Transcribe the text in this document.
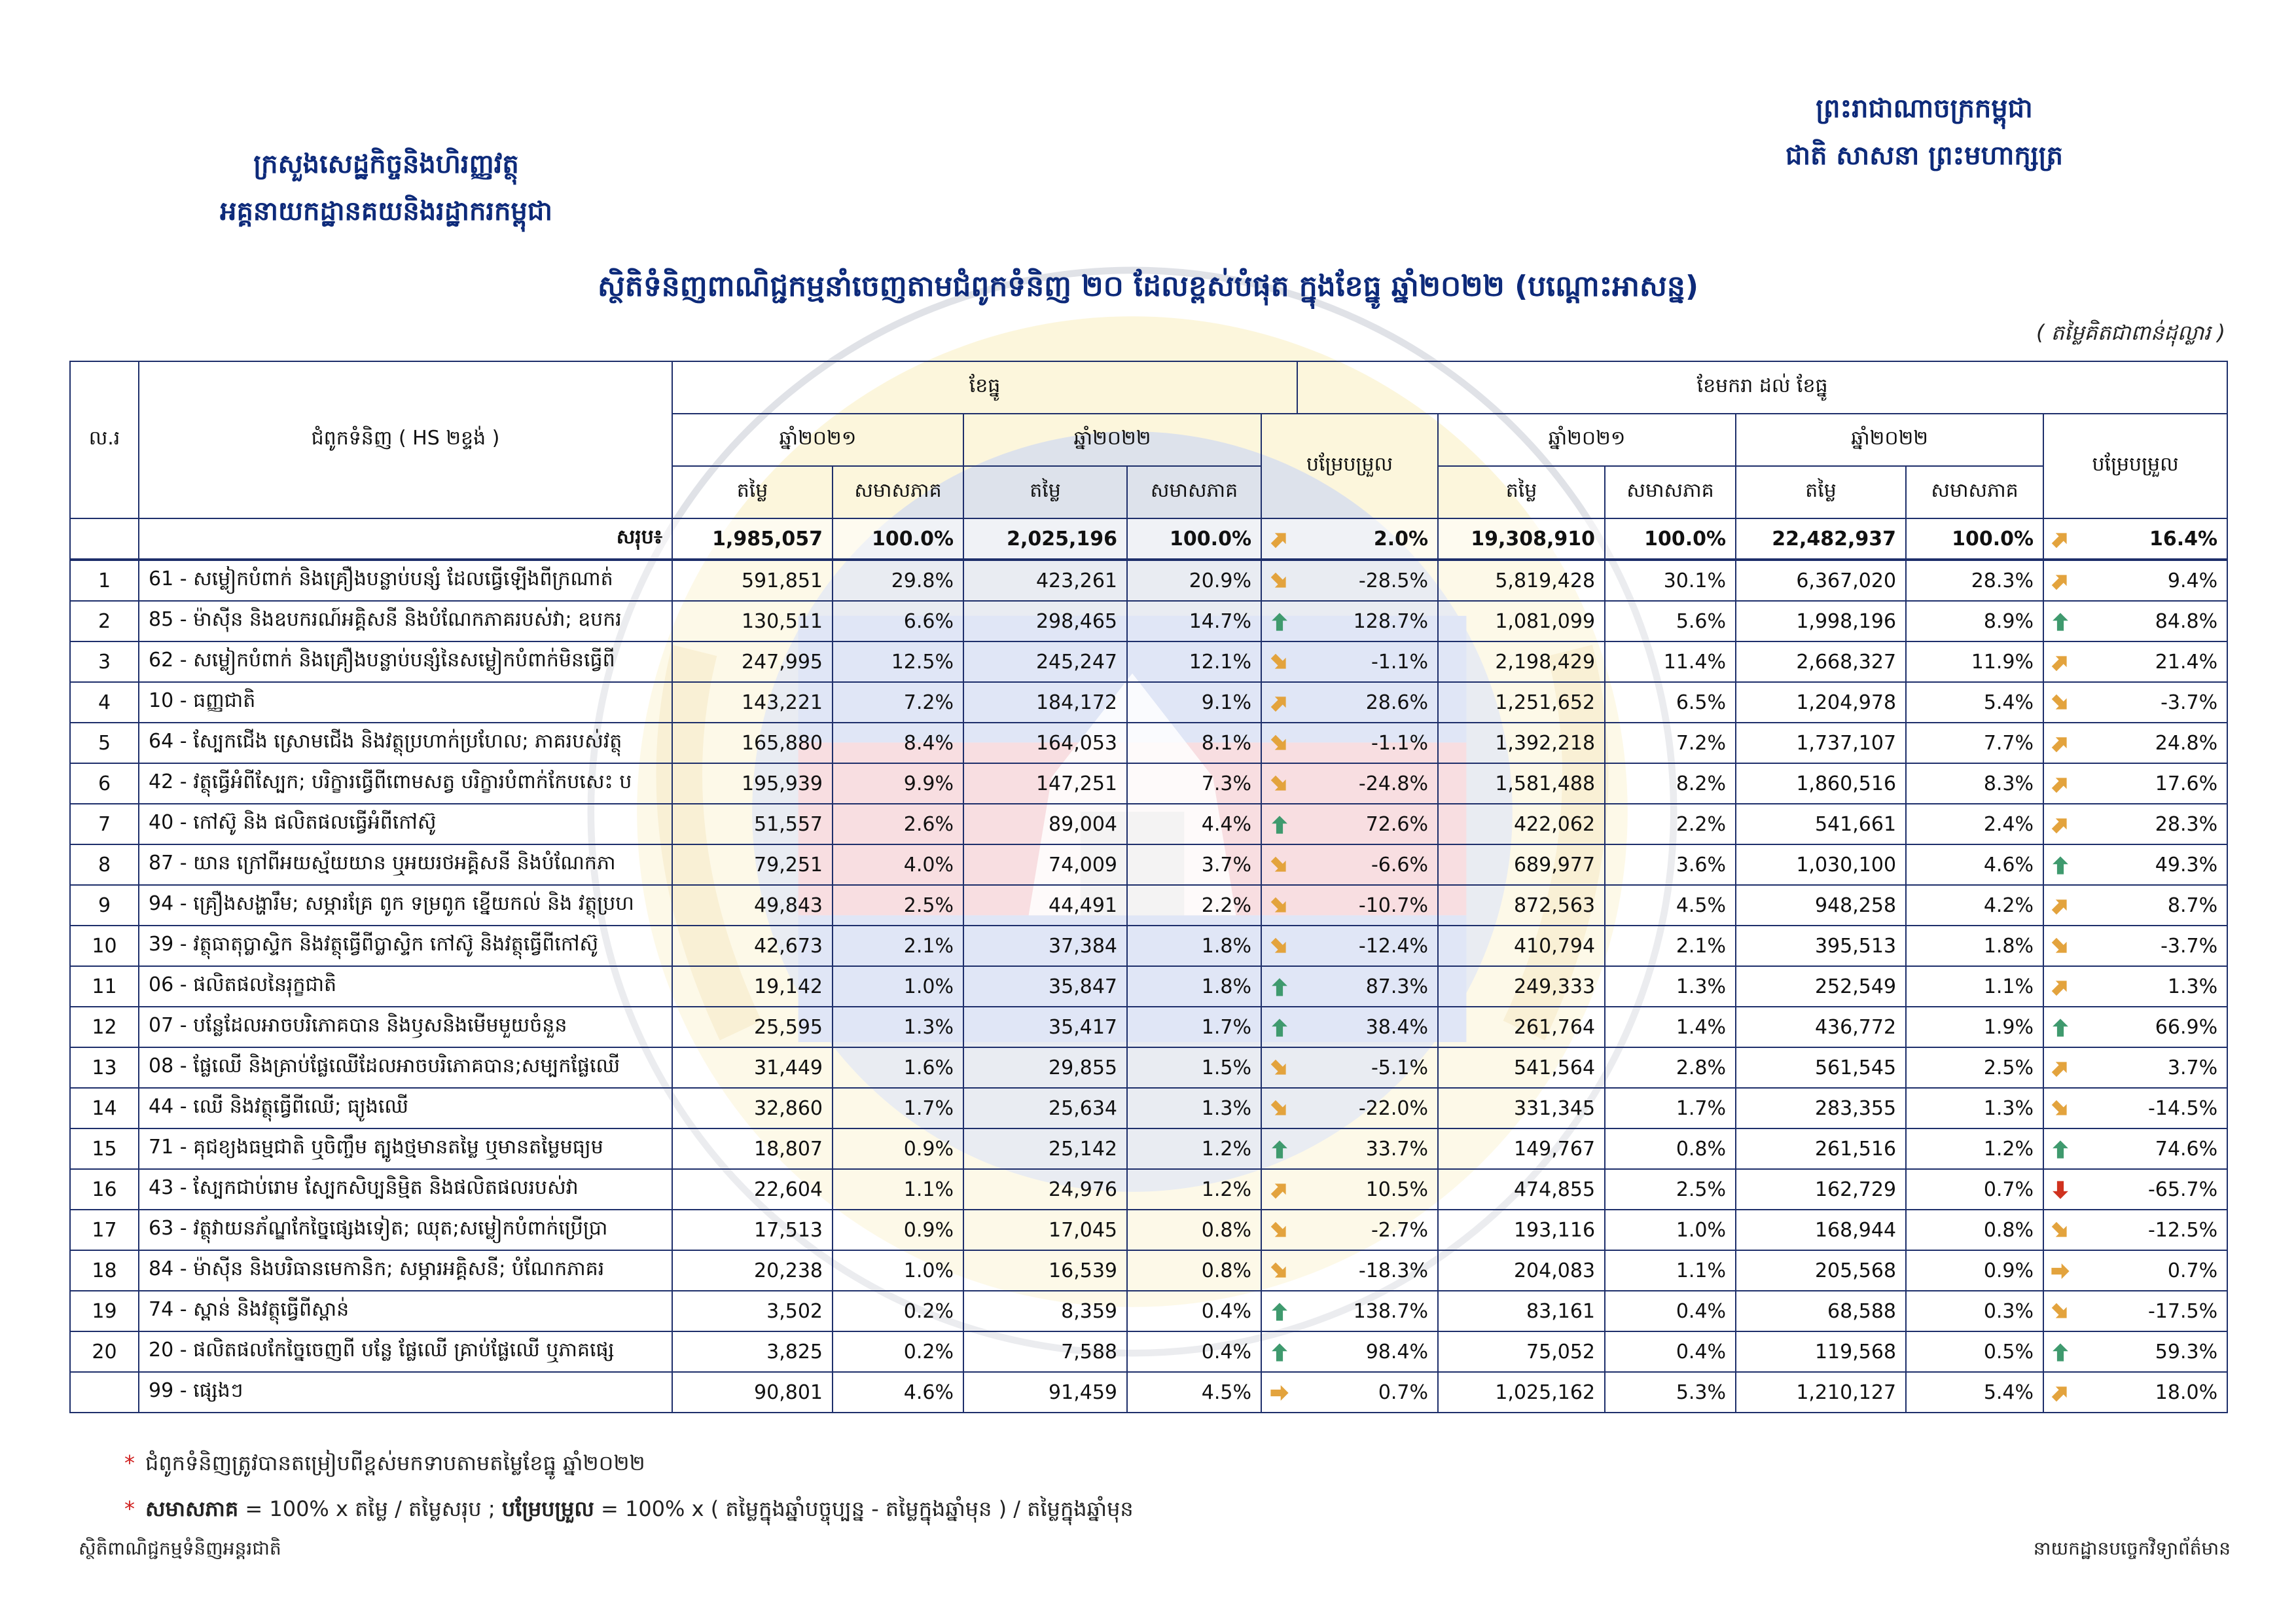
ក្រសួងសេដ្ឋកិច្ចនិងហិរញ្ញវត្ថុ
អគ្គនាយកដ្ឋានគយនិងរដ្ឋាករកម្ពុជា
ព្រះរាជាណាចក្រកម្ពុជា
ជាតិ សាសនា ព្រះមហាក្សត្រ
ស្ថិតិទំនិញពាណិជ្ជកម្មនាំចេញតាមជំពូកទំនិញ ២០ ដែលខ្ពស់បំផុត ក្នុងខែធ្នូ ឆ្នាំ២០២២ (បណ្ដោះអាសន្ន)
( តម្លៃគិតជាពាន់ដុល្លារ )
ល.រ	ជំពូកទំនិញ ( HS ២ខ្ទង់ )	ខែធ្នូ					ខែមករា ដល់ ខែធ្នូ						
		ឆ្នាំ២០២១		ឆ្នាំ២០២២		បម្រែបម្រួល		ឆ្នាំ២០២១		ឆ្នាំ២០២២		បម្រែបម្រួល	
		តម្លៃ	សមាសភាគ	តម្លៃ	សមាសភាគ			តម្លៃ	សមាសភាគ	តម្លៃ	សមាសភាគ		
	សរុប៖	1,985,057	100.0%	2,025,196	100.0%		2.0%	19,308,910	100.0%	22,482,937	100.0%		16.4%
1	61 - សម្លៀកបំពាក់ និងគ្រឿងបន្លាប់បន្សំ ដែលធ្វើឡើងពីក្រណាត់	591,851	29.8%	423,261	20.9%		-28.5%	5,819,428	30.1%	6,367,020	28.3%		9.4%
2	85 - ម៉ាស៊ីន និងឧបករណ៍អគ្គិសនី និងបំណែកភាគរបស់វា; ឧបករ	130,511	6.6%	298,465	14.7%		128.7%	1,081,099	5.6%	1,998,196	8.9%		84.8%
3	62 - សម្លៀកបំពាក់ និងគ្រឿងបន្លាប់បន្សំនៃសម្លៀកបំពាក់មិនធ្វើពី	247,995	12.5%	245,247	12.1%		-1.1%	2,198,429	11.4%	2,668,327	11.9%		21.4%
4	10 - ធញ្ញជាតិ	143,221	7.2%	184,172	9.1%		28.6%	1,251,652	6.5%	1,204,978	5.4%		-3.7%
5	64 - ស្បែកជើង ស្រោមជើង និងវត្ថុប្រហាក់ប្រហែល; ភាគរបស់វត្ថុ	165,880	8.4%	164,053	8.1%		-1.1%	1,392,218	7.2%	1,737,107	7.7%		24.8%
6	42 - វត្ថុធ្វើអំពីស្បែក; បរិក្ខារធ្វើពីពោមសត្វ បរិក្ខារបំពាក់កែបសេះ ប	195,939	9.9%	147,251	7.3%		-24.8%	1,581,488	8.2%	1,860,516	8.3%		17.6%
7	40 - កៅស៊ូ និង ផលិតផលធ្វើអំពីកៅស៊ូ	51,557	2.6%	89,004	4.4%		72.6%	422,062	2.2%	541,661	2.4%		28.3%
8	87 - យាន ក្រៅពីអយស្ម័យយាន ឬអយរថអគ្គិសនី និងបំណែកភា	79,251	4.0%	74,009	3.7%		-6.6%	689,977	3.6%	1,030,100	4.6%		49.3%
9	94 - គ្រឿងសង្ហារឹម; សម្ភារគ្រែ ពូក ទម្រពូក ខ្នើយកល់ និង វត្ថុប្រហ	49,843	2.5%	44,491	2.2%		-10.7%	872,563	4.5%	948,258	4.2%		8.7%
10	39 - វត្ថុធាតុប្លាស្ទិក និងវត្ថុធ្វើពីប្លាស្ទិក កៅស៊ូ និងវត្ថុធ្វើពីកៅស៊ូ	42,673	2.1%	37,384	1.8%		-12.4%	410,794	2.1%	395,513	1.8%		-3.7%
11	06 - ផលិតផលនៃរុក្ខជាតិ	19,142	1.0%	35,847	1.8%		87.3%	249,333	1.3%	252,549	1.1%		1.3%
12	07 - បន្លែដែលអាចបរិភោគបាន និងឫសនិងមើមមួយចំនួន	25,595	1.3%	35,417	1.7%		38.4%	261,764	1.4%	436,772	1.9%		66.9%
13	08 - ផ្លែឈើ និងគ្រាប់ផ្លែឈើដែលអាចបរិភោគបាន;សម្បកផ្លែឈើ	31,449	1.6%	29,855	1.5%		-5.1%	541,564	2.8%	561,545	2.5%		3.7%
14	44 - ឈើ និងវត្ថុធ្វើពីឈើ; ធ្យូងឈើ	32,860	1.7%	25,634	1.3%		-22.0%	331,345	1.7%	283,355	1.3%		-14.5%
15	71 - គុជខ្យងធម្មជាតិ ឬចិញ្ចឹម ត្បូងថ្មមានតម្លៃ ឬមានតម្លៃមធ្យម	18,807	0.9%	25,142	1.2%		33.7%	149,767	0.8%	261,516	1.2%		74.6%
16	43 - ស្បែកជាប់រោម ស្បែកសិប្បនិម្មិត និងផលិតផលរបស់វា	22,604	1.1%	24,976	1.2%		10.5%	474,855	2.5%	162,729	0.7%		-65.7%
17	63 - វត្ថុវាយនភ័ណ្ឌកែច្នៃផ្សេងទៀត; ឈុត;សម្លៀកបំពាក់ប្រើប្រា	17,513	0.9%	17,045	0.8%		-2.7%	193,116	1.0%	168,944	0.8%		-12.5%
18	84 - ម៉ាស៊ីន និងបរិធានមេកានិក; សម្ភារអគ្គិសនី; បំណែកភាគរ	20,238	1.0%	16,539	0.8%		-18.3%	204,083	1.1%	205,568	0.9%		0.7%
19	74 - ស្ពាន់ និងវត្ថុធ្វើពីស្ពាន់	3,502	0.2%	8,359	0.4%		138.7%	83,161	0.4%	68,588	0.3%		-17.5%
20	20 - ផលិតផលកែច្នៃចេញពី បន្លែ ផ្លែឈើ គ្រាប់ផ្លែឈើ ឬភាគផ្សេ	3,825	0.2%	7,588	0.4%		98.4%	75,052	0.4%	119,568	0.5%		59.3%
	99 - ផ្សេងៗ	90,801	4.6%	91,459	4.5%		0.7%	1,025,162	5.3%	1,210,127	5.4%		18.0%
* ជំពូកទំនិញត្រូវបានតម្រៀបពីខ្ពស់មកទាបតាមតម្លៃខែធ្នូ ឆ្នាំ២០២២
* សមាសភាគ = 100% x តម្លៃ / តម្លៃសរុប ; បម្រែបម្រួល = 100% x ( តម្លៃក្នុងឆ្នាំបច្ចុប្បន្ន - តម្លៃក្នុងឆ្នាំមុន ) / តម្លៃក្នុងឆ្នាំមុន
ស្ថិតិពាណិជ្ជកម្មទំនិញអន្តរជាតិ	នាយកដ្ឋានបច្ចេកវិទ្យាព័ត៌មាន
